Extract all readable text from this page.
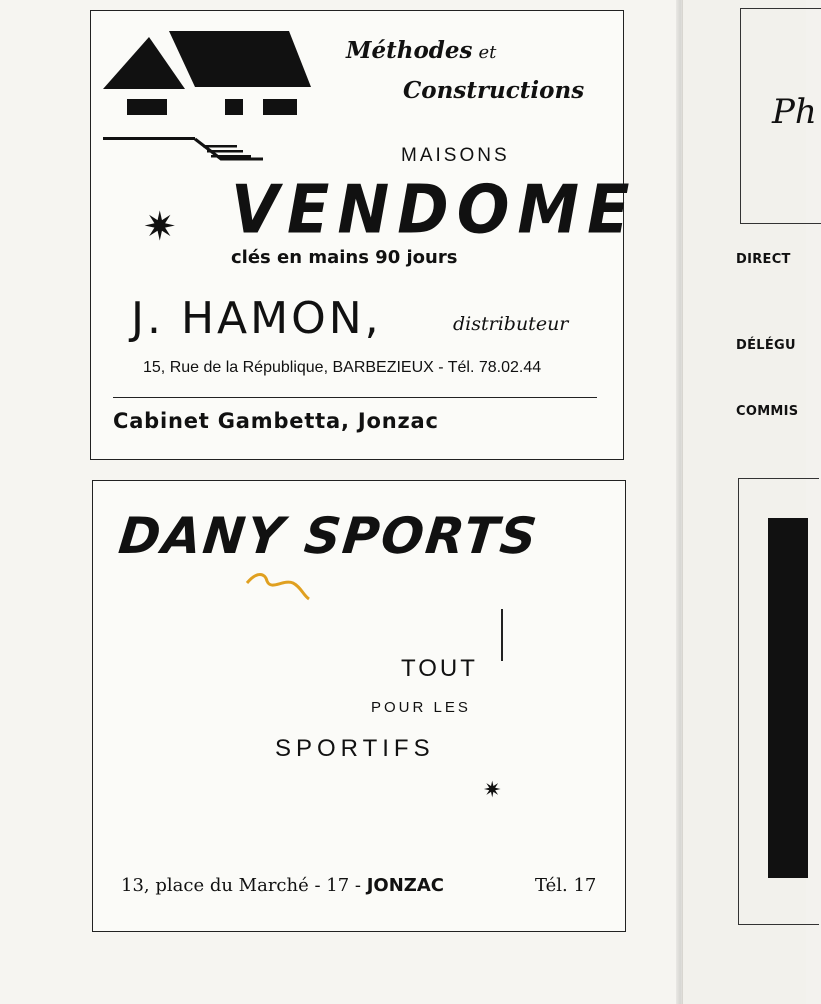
Méthodes et
Constructions
MAISONS
✷ VENDOME
clés en mains 90 jours
J. HAMON,	distributeur
15, Rue de la République, BARBEZIEUX - Tél. 78.02.44
Cabinet Gambetta, Jonzac
DANY SPORTS
TOUT
POUR LES
SPORTIFS
✷
13, place du Marché - 17 - JONZAC	Tél. 17
Ph
DIRECT
DÉLÉGU
COMMIS
